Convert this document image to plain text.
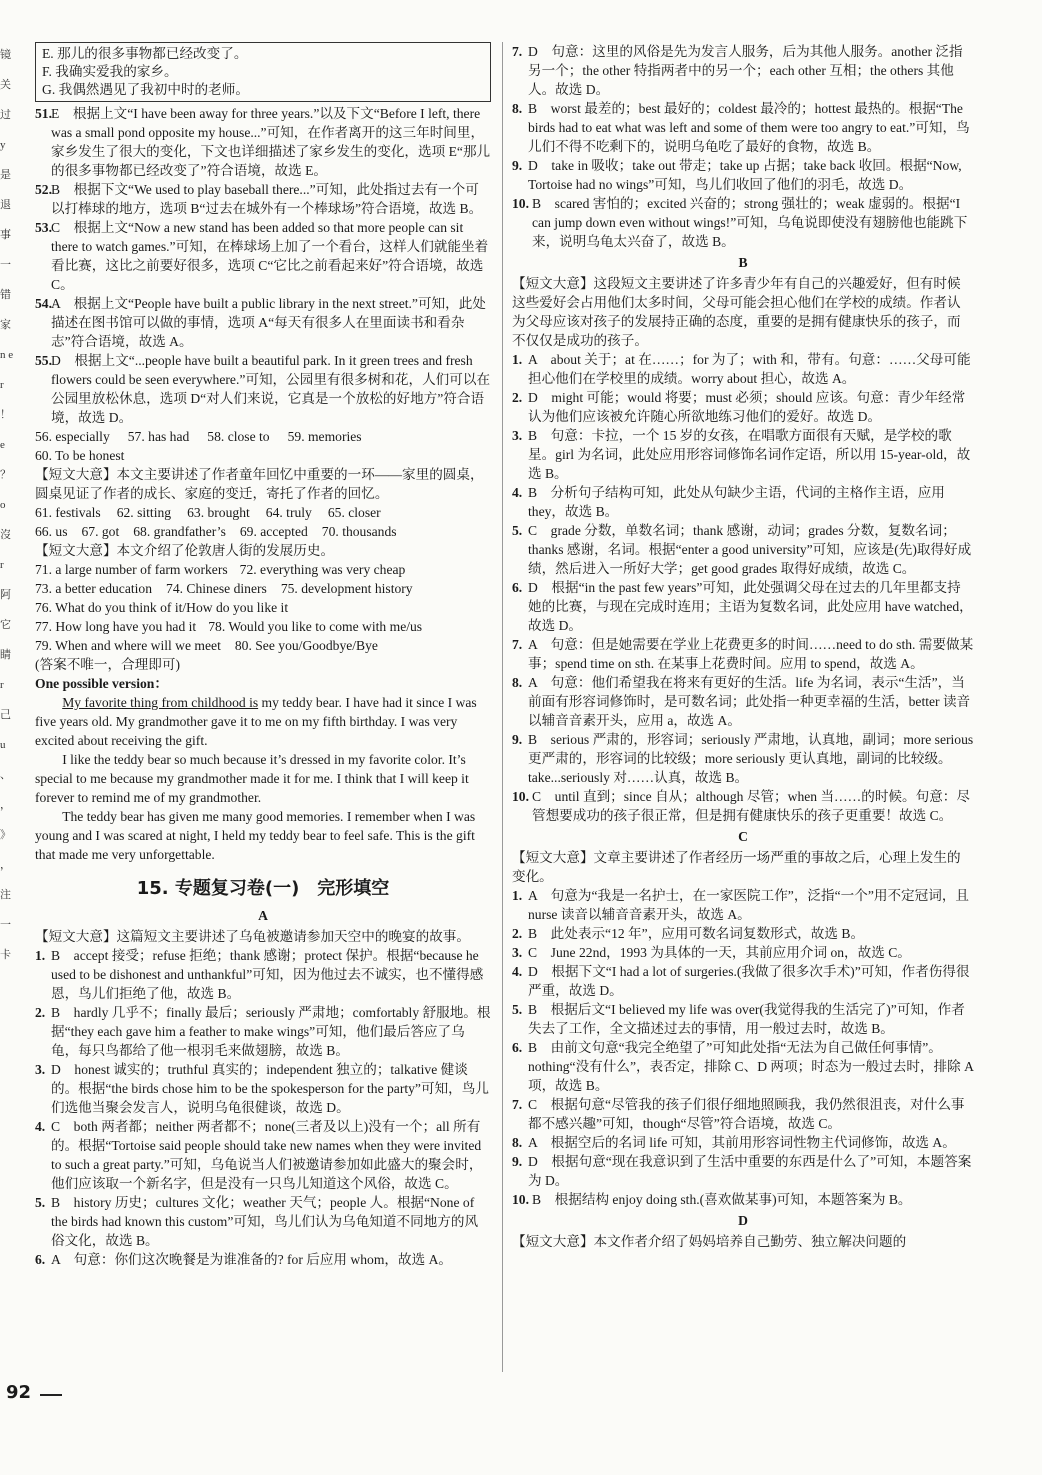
镜 关 过 y 是 退 事 一 错 家 n e r ！ e ？ o 沒 r 阿 它 睛 r 己 u 、 ， 》 ， 注 一 卡
E. 那儿的很多事物都已经改变了。
F. 我确实爱我的家乡。
G. 我偶然遇见了我初中时的老师。
51. E　根据上文“I have been away for three years.”以及下文“Before I left, there was a small pond opposite my house...”可知，在作者离开的这三年时间里，家乡发生了很大的变化，下文也详细描述了家乡发生的变化，选项 E“那儿的很多事物都已经改变了”符合语境，故选 E。
52. B　根据下文“We used to play baseball there...”可知，此处指过去有一个可以打棒球的地方，选项 B“过去在城外有一个棒球场”符合语境，故选 B。
53. C　根据上文“Now a new stand has been added so that more people can sit there to watch games.”可知，在棒球场上加了一个看台，这样人们就能坐着看比赛，这比之前要好很多，选项 C“它比之前看起来好”符合语境，故选 C。
54. A　根据上文“People have built a public library in the next street.”可知，此处描述在图书馆可以做的事情，选项 A“每天有很多人在里面读书和看杂志”符合语境，故选 A。
55. D　根据上文“...people have built a beautiful park. In it green trees and fresh flowers could be seen everywhere.”可知，公园里有很多树和花，人们可以在公园里放松休息，选项 D“对人们来说，它真是一个放松的好地方”符合语境，故选 D。
56. especially 57. has had 58. close to 59. memories
60. To be honest
【短文大意】本文主要讲述了作者童年回忆中重要的一环——家里的圆桌，圆桌见证了作者的成长、家庭的变迁，寄托了作者的回忆。
61. festivals 62. sitting 63. brought 64. truly 65. closer
66. us 67. got 68. grandfather’s 69. accepted 70. thousands
【短文大意】本文介绍了伦敦唐人街的发展历史。
71. a large number of farm workers 72. everything was very cheap
73. a better education 74. Chinese diners 75. development history
76. What do you think of it/How do you like it
77. How long have you had it 78. Would you like to come with me/us
79. When and where will we meet 80. See you/Goodbye/Bye
(答案不唯一，合理即可)
One possible version：

My favorite thing from childhood is my teddy bear. I have had it since I was five years old. My grandmother gave it to me on my fifth birthday. I was very excited about receiving the gift.

I like the teddy bear so much because it’s dressed in my favorite color. It’s special to me because my grandmother made it for me. I think that I will keep it forever to remind me of my grandmother.

The teddy bear has given me many good memories. I remember when I was young and I was scared at night, I held my teddy bear to feel safe. This is the gift that made me very unforgettable.

15. 专题复习卷(一)　完形填空
A
【短文大意】这篇短文主要讲述了乌龟被邀请参加天空中的晚宴的故事。
1. B　accept 接受；refuse 拒绝；thank 感谢；protect 保护。根据“because he used to be dishonest and unthankful”可知，因为他过去不诚实，也不懂得感恩，鸟儿们拒绝了他，故选 B。
2. B　hardly 几乎不；finally 最后；seriously 严肃地；comfortably 舒服地。根据“they each gave him a feather to make wings”可知，他们最后答应了乌龟，每只鸟都给了他一根羽毛来做翅膀，故选 B。
3. D　honest 诚实的；truthful 真实的；independent 独立的；talkative 健谈的。根据“the birds chose him to be the spokesperson for the party”可知，鸟儿们选他当聚会发言人，说明乌龟很健谈，故选 D。
4. C　both 两者都；neither 两者都不；none(三者及以上)没有一个；all 所有的。根据“Tortoise said people should take new names when they were invited to such a great party.”可知，乌龟说当人们被邀请参加如此盛大的聚会时，他们应该取一个新名字，但是没有一只鸟儿知道这个风俗，故选 C。
5. B　history 历史；cultures 文化；weather 天气；people 人。根据“None of the birds had known this custom”可知，鸟儿们认为乌龟知道不同地方的风俗文化，故选 B。
6. A　句意：你们这次晚餐是为谁准备的? for 后应用 whom，故选 A。
7. D　句意：这里的风俗是先为发言人服务，后为其他人服务。another 泛指另一个；the other 特指两者中的另一个；each other 互相；the others 其他人。故选 D。
8. B　worst 最差的；best 最好的；coldest 最冷的；hottest 最热的。根据“The birds had to eat what was left and some of them were too angry to eat.”可知，鸟儿们不得不吃剩下的，说明乌龟吃了最好的食物，故选 B。
9. D　take in 吸收；take out 带走；take up 占据；take back 收回。根据“Now, Tortoise had no wings”可知，鸟儿们收回了他们的羽毛，故选 D。
10. B　scared 害怕的；excited 兴奋的；strong 强壮的；weak 虚弱的。根据“I can jump down even without wings!”可知，乌龟说即使没有翅膀他也能跳下来，说明乌龟太兴奋了，故选 B。
B
【短文大意】这段短文主要讲述了许多青少年有自己的兴趣爱好，但有时候这些爱好会占用他们太多时间，父母可能会担心他们在学校的成绩。作者认为父母应该对孩子的发展持正确的态度，重要的是拥有健康快乐的孩子，而不仅仅是成功的孩子。
1. A　about 关于；at 在……；for 为了；with 和，带有。句意：……父母可能担心他们在学校里的成绩。worry about 担心，故选 A。
2. D　might 可能；would 将要；must 必须；should 应该。句意：青少年经常认为他们应该被允许随心所欲地练习他们的爱好。故选 D。
3. B　句意：卡拉，一个 15 岁的女孩，在唱歌方面很有天赋，是学校的歌星。girl 为名词，此处应用形容词修饰名词作定语，所以用 15-year-old，故选 B。
4. B　分析句子结构可知，此处从句缺少主语，代词的主格作主语，应用 they，故选 B。
5. C　grade 分数，单数名词；thank 感谢，动词；grades 分数，复数名词；thanks 感谢，名词。根据“enter a good university”可知，应该是(先)取得好成绩，然后进入一所好大学；get good grades 取得好成绩，故选 C。
6. D　根据“in the past few years”可知，此处强调父母在过去的几年里都支持她的比赛，与现在完成时连用；主语为复数名词，此处应用 have watched，故选 D。
7. A　句意：但是她需要在学业上花费更多的时间……need to do sth. 需要做某事；spend time on sth. 在某事上花费时间。应用 to spend，故选 A。
8. A　句意：他们希望我在将来有更好的生活。life 为名词，表示“生活”，当前面有形容词修饰时，是可数名词；此处指一种更幸福的生活，better 读音以辅音音素开头，应用 a，故选 A。
9. B　serious 严肃的，形容词；seriously 严肃地，认真地，副词；more serious 更严肃的，形容词的比较级；more seriously 更认真地，副词的比较级。take...seriously 对……认真，故选 B。
10. C　until 直到；since 自从；although 尽管；when 当……的时候。句意：尽管想要成功的孩子很正常，但是拥有健康快乐的孩子更重要！故选 C。
C
【短文大意】文章主要讲述了作者经历一场严重的事故之后，心理上发生的变化。
1. A　句意为“我是一名护士，在一家医院工作”，泛指“一个”用不定冠词，且 nurse 读音以辅音音素开头，故选 A。
2. B　此处表示“12 年”，应用可数名词复数形式，故选 B。
3. C　June 22nd，1993 为具体的一天，其前应用介词 on，故选 C。
4. D　根据下文“I had a lot of surgeries.(我做了很多次手术)”可知，作者伤得很严重，故选 D。
5. B　根据后文“I believed my life was over(我觉得我的生活完了)”可知，作者失去了工作，全文描述过去的事情，用一般过去时，故选 B。
6. B　由前文句意“我完全绝望了”可知此处指“无法为自己做任何事情”。nothing“没有什么”，表否定，排除 C、D 两项；时态为一般过去时，排除 A 项，故选 B。
7. C　根据句意“尽管我的孩子们很仔细地照顾我，我仍然很沮丧，对什么事都不感兴趣”可知，though“尽管”符合语境，故选 C。
8. A　根据空后的名词 life 可知，其前用形容词性物主代词修饰，故选 A。
9. D　根据句意“现在我意识到了生活中重要的东西是什么了”可知，本题答案为 D。
10. B　根据结构 enjoy doing sth.(喜欢做某事)可知，本题答案为 B。
D
【短文大意】本文作者介绍了妈妈培养自己勤劳、独立解决问题的
92
